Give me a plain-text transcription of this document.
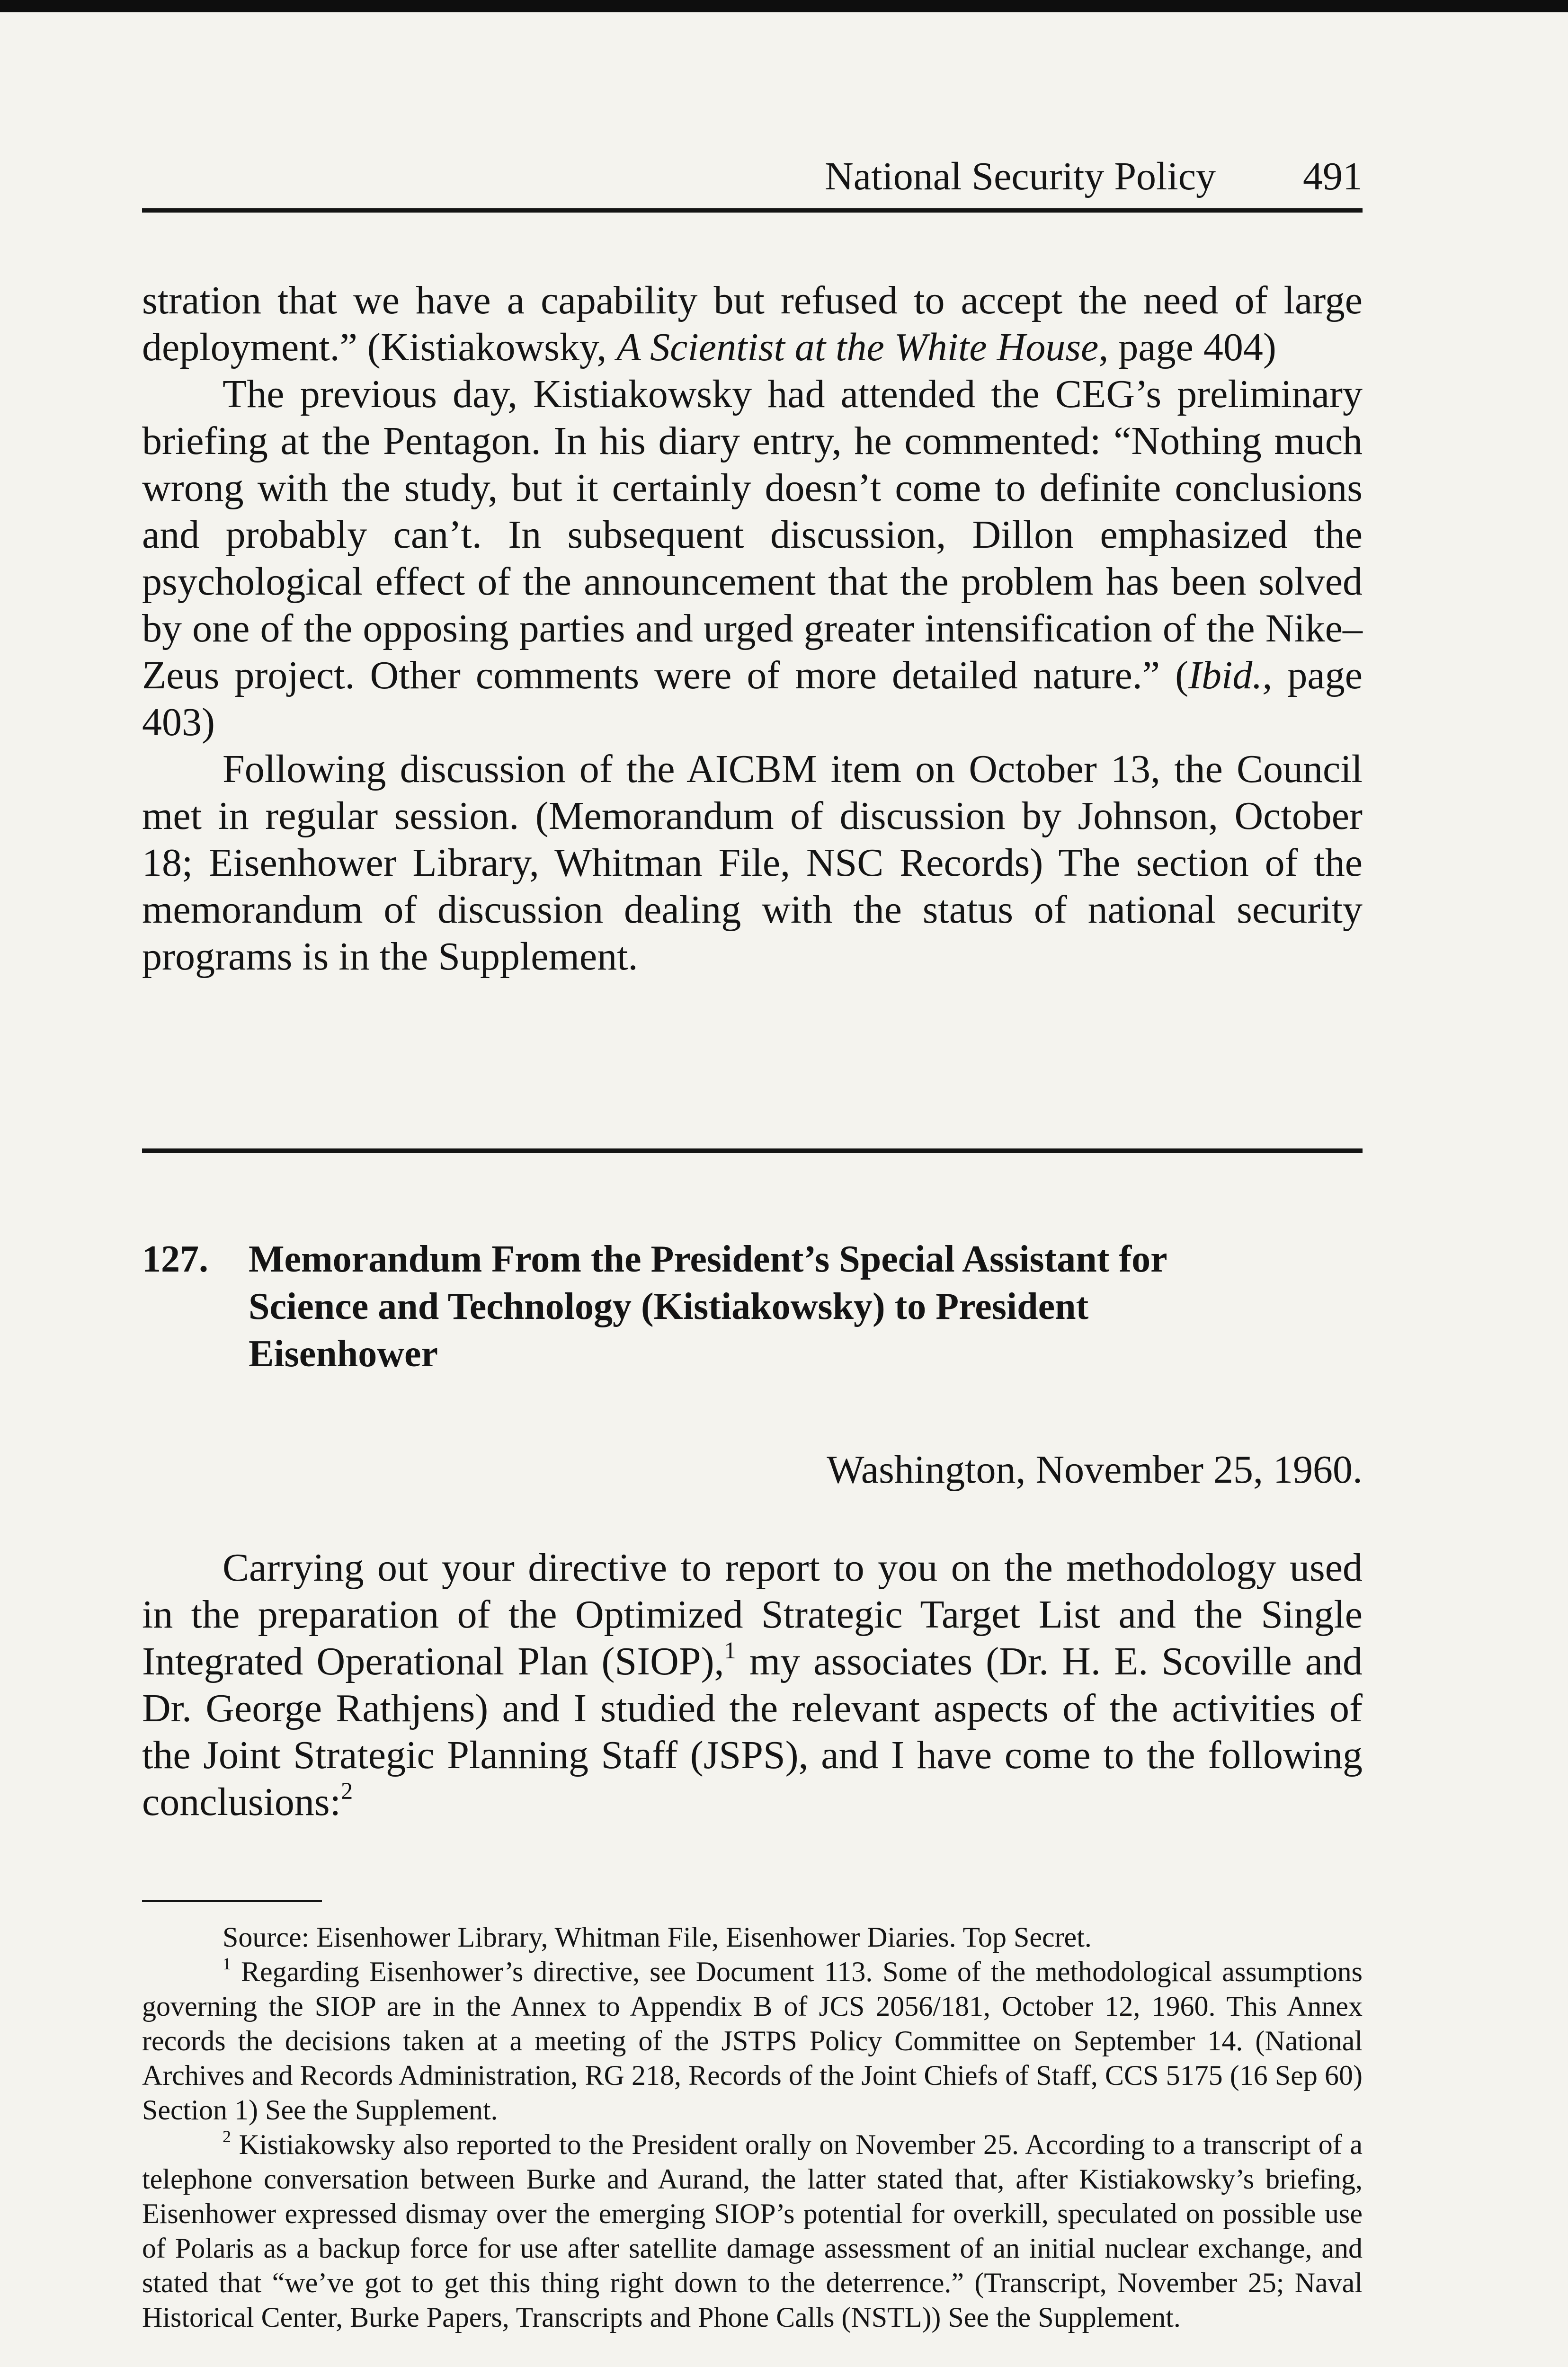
National Security Policy 491

stration that we have a capability but refused to accept the need of large deployment.” (Kistiakowsky, A Scientist at the White House, page 404)

The previous day, Kistiakowsky had attended the CEG’s preliminary briefing at the Pentagon. In his diary entry, he commented: “Nothing much wrong with the study, but it certainly doesn’t come to definite conclusions and probably can’t. In subsequent discussion, Dillon emphasized the psychological effect of the announcement that the problem has been solved by one of the opposing parties and urged greater intensification of the Nike–Zeus project. Other comments were of more detailed nature.” (Ibid., page 403)

Following discussion of the AICBM item on October 13, the Council met in regular session. (Memorandum of discussion by Johnson, October 18; Eisenhower Library, Whitman File, NSC Records) The section of the memorandum of discussion dealing with the status of national security programs is in the Supplement.

127. Memorandum From the President’s Special Assistant for Science and Technology (Kistiakowsky) to President Eisenhower
Washington, November 25, 1960.

Carrying out your directive to report to you on the methodology used in the preparation of the Optimized Strategic Target List and the Single Integrated Operational Plan (SIOP),$^1$ my associates (Dr. H. E. Scoville and Dr. George Rathjens) and I studied the relevant aspects of the activities of the Joint Strategic Planning Staff (JSPS), and I have come to the following conclusions:$^2$

Source: Eisenhower Library, Whitman File, Eisenhower Diaries. Top Secret.

$^1$ Regarding Eisenhower’s directive, see Document 113. Some of the methodological assumptions governing the SIOP are in the Annex to Appendix B of JCS 2056/181, October 12, 1960. This Annex records the decisions taken at a meeting of the JSTPS Policy Committee on September 14. (National Archives and Records Administration, RG 218, Records of the Joint Chiefs of Staff, CCS 5175 (16 Sep 60) Section 1) See the Supplement.

$^2$ Kistiakowsky also reported to the President orally on November 25. According to a transcript of a telephone conversation between Burke and Aurand, the latter stated that, after Kistiakowsky’s briefing, Eisenhower expressed dismay over the emerging SIOP’s potential for overkill, speculated on possible use of Polaris as a backup force for use after satellite damage assessment of an initial nuclear exchange, and stated that “we’ve got to get this thing right down to the deterrence.” (Transcript, November 25; Naval Historical Center, Burke Papers, Transcripts and Phone Calls (NSTL)) See the Supplement.
